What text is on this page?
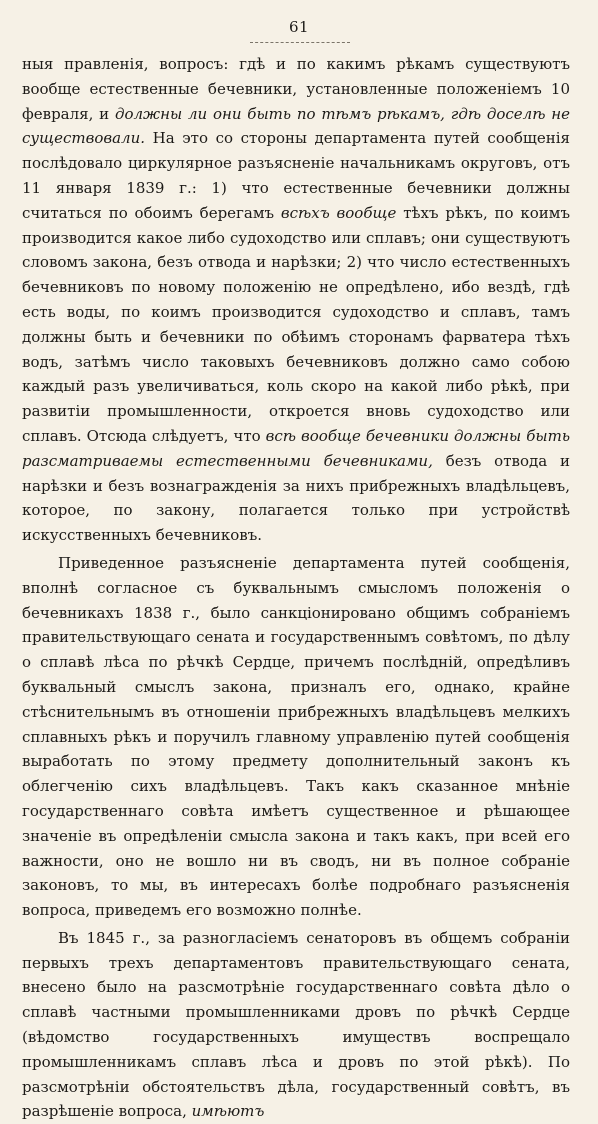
61

ныя правленія, вопросъ: гдѣ и по какимъ рѣкамъ существуютъ вообще естественные бечевники, установленные положеніемъ 10 февраля, и должны ли они быть по тѣмъ рѣкамъ, гдѣ доселѣ не существовали. На это со стороны департамента путей сообщенія послѣдовало циркулярное разъясненіе начальникамъ округовъ, отъ 11 января 1839 г.: 1) что естественные бечевники должны считаться по обоимъ берегамъ всѣхъ вообще тѣхъ рѣкъ, по коимъ производится какое либо судоходство или сплавъ; они существуютъ словомъ закона, безъ отвода и нарѣзки; 2) что число естественныхъ бечевниковъ по новому положенію не опредѣлено, ибо вездѣ, гдѣ есть воды, по коимъ производится судоходство и сплавъ, тамъ должны быть и бечевники по обѣимъ сторонамъ фарватера тѣхъ водъ, затѣмъ число таковыхъ бечевниковъ должно само собою каждый разъ увеличиваться, коль скоро на какой либо рѣкѣ, при развитіи промышленности, откроется вновь судоходство или сплавъ. Отсюда слѣдуетъ, что всѣ вообще бечевники должны быть разсматриваемы естественными бечевниками, безъ отвода и нарѣзки и безъ вознагражденія за нихъ прибрежныхъ владѣльцевъ, которое, по закону, полагается только при устройствѣ искусственныхъ бечевниковъ.

Приведенное разъясненіе департамента путей сообщенія, вполнѣ согласное съ буквальнымъ смысломъ положенія о бечевникахъ 1838 г., было санкціонировано общимъ собраніемъ правительствующаго сената и государственнымъ совѣтомъ, по дѣлу о сплавѣ лѣса по рѣчкѣ Сердце, причемъ послѣдній, опредѣливъ буквальный смыслъ закона, призналъ его, однако, крайне стѣснительнымъ въ отношеніи прибрежныхъ владѣльцевъ мелкихъ сплавныхъ рѣкъ и поручилъ главному управленію путей сообщенія выработать по этому предмету дополнительный законъ къ облегченію сихъ владѣльцевъ. Такъ какъ сказанное мнѣніе государственнаго совѣта имѣетъ существенное и рѣшающее значеніе въ опредѣленіи смысла закона и такъ какъ, при всей его важности, оно не вошло ни въ сводъ, ни въ полное собраніе законовъ, то мы, въ интересахъ болѣе подробнаго разъясненія вопроса, приведемъ его возможно полнѣе.

Въ 1845 г., за разногласіемъ сенаторовъ въ общемъ собраніи первыхъ трехъ департаментовъ правительствующаго сената, внесено было на разсмотрѣніе государственнаго совѣта дѣло о сплавѣ частными промышленниками дровъ по рѣчкѣ Сердце (вѣдомство государственныхъ имуществъ воспрещало промышленникамъ сплавъ лѣса и дровъ по этой рѣкѣ). По разсмотрѣніи обстоятельствъ дѣла, государственный совѣтъ, въ разрѣшеніе вопроса, имѣютъ
